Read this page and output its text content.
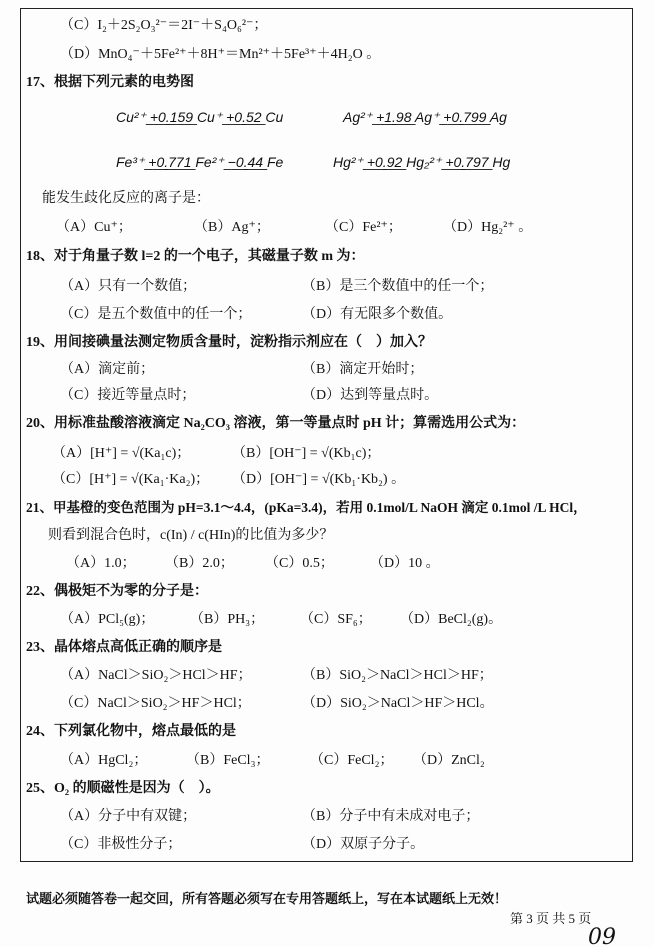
（C）I₂＋2S₂O₃²⁻＝2I⁻＋S₄O₆²⁻；
（D）MnO₄⁻＋5Fe²⁺＋8H⁺＝Mn²⁺＋5Fe³⁺＋4H₂O 。
17、根据下列元素的电势图
Cu²⁺ ̲+̲0̲.̲1̲5̲9̲ Cu⁺ ̲+̲0̲.̲5̲2̲ Cu	Ag²⁺ ̲+̲1̲.̲9̲8̲ Ag⁺ ̲+̲0̲.̲7̲9̲9̲ Ag
Fe³⁺ ̲+̲0̲.̲7̲7̲1̲ Fe²⁺ ̲−̲0̲.̲4̲4̲ Fe	Hg²⁺ ̲+̲0̲.̲9̲2̲ Hg₂²⁺ ̲+̲0̲.̲7̲9̲7̲ Hg
能发生歧化反应的离子是：
（A）Cu⁺；	（B）Ag⁺；	（C）Fe²⁺；	（D）Hg₂²⁺ 。
18、对于角量子数 l=2 的一个电子，其磁量子数 m 为：
（A）只有一个数值；	（B）是三个数值中的任一个；
（C）是五个数值中的任一个；	（D）有无限多个数值。
19、用间接碘量法测定物质含量时，淀粉指示剂应在（　）加入？
（A）滴定前；	（B）滴定开始时；
（C）接近等量点时；	（D）达到等量点时。
20、用标准盐酸溶液滴定 Na₂CO₃ 溶液，第一等量点时 pH 计；算需选用公式为：
（A）[H⁺] = √(Ka₁c)；	（B）[OH⁻] = √(Kb₁c)；
（C）[H⁺] = √(Ka₁·Ka₂)； （D）[OH⁻] = √(Kb₁·Kb₂) 。
21、甲基橙的变色范围为 pH=3.1～4.4，(pKa=3.4)，若用 0.1mol/L NaOH 滴定 0.1mol /L HCl，
则看到混合色时，c(In) / c(HIn)的比值为多少？
（A）1.0； （B）2.0； （C）0.5；	（D）10 。
22、偶极矩不为零的分子是：
（A）PCl₅(g)；	（B）PH₃；	（C）SF₆； （D）BeCl₂(g)。
23、晶体熔点高低正确的顺序是
（A）NaCl＞SiO₂＞HCl＞HF；	（B）SiO₂＞NaCl＞HCl＞HF；
（C）NaCl＞SiO₂＞HF＞HCl；	（D）SiO₂＞NaCl＞HF＞HCl。
24、下列氯化物中，熔点最低的是
（A）HgCl₂；	（B）FeCl₃；	（C）FeCl₂； （D）ZnCl₂
25、O₂ 的顺磁性是因为（　）。
（A）分子中有双键；	（B）分子中有未成对电子；
（C）非极性分子；	（D）双原子分子。
试题必须随答卷一起交回，所有答题必须写在专用答题纸上，写在本试题纸上无效！
第 3 页 共 5 页
09
